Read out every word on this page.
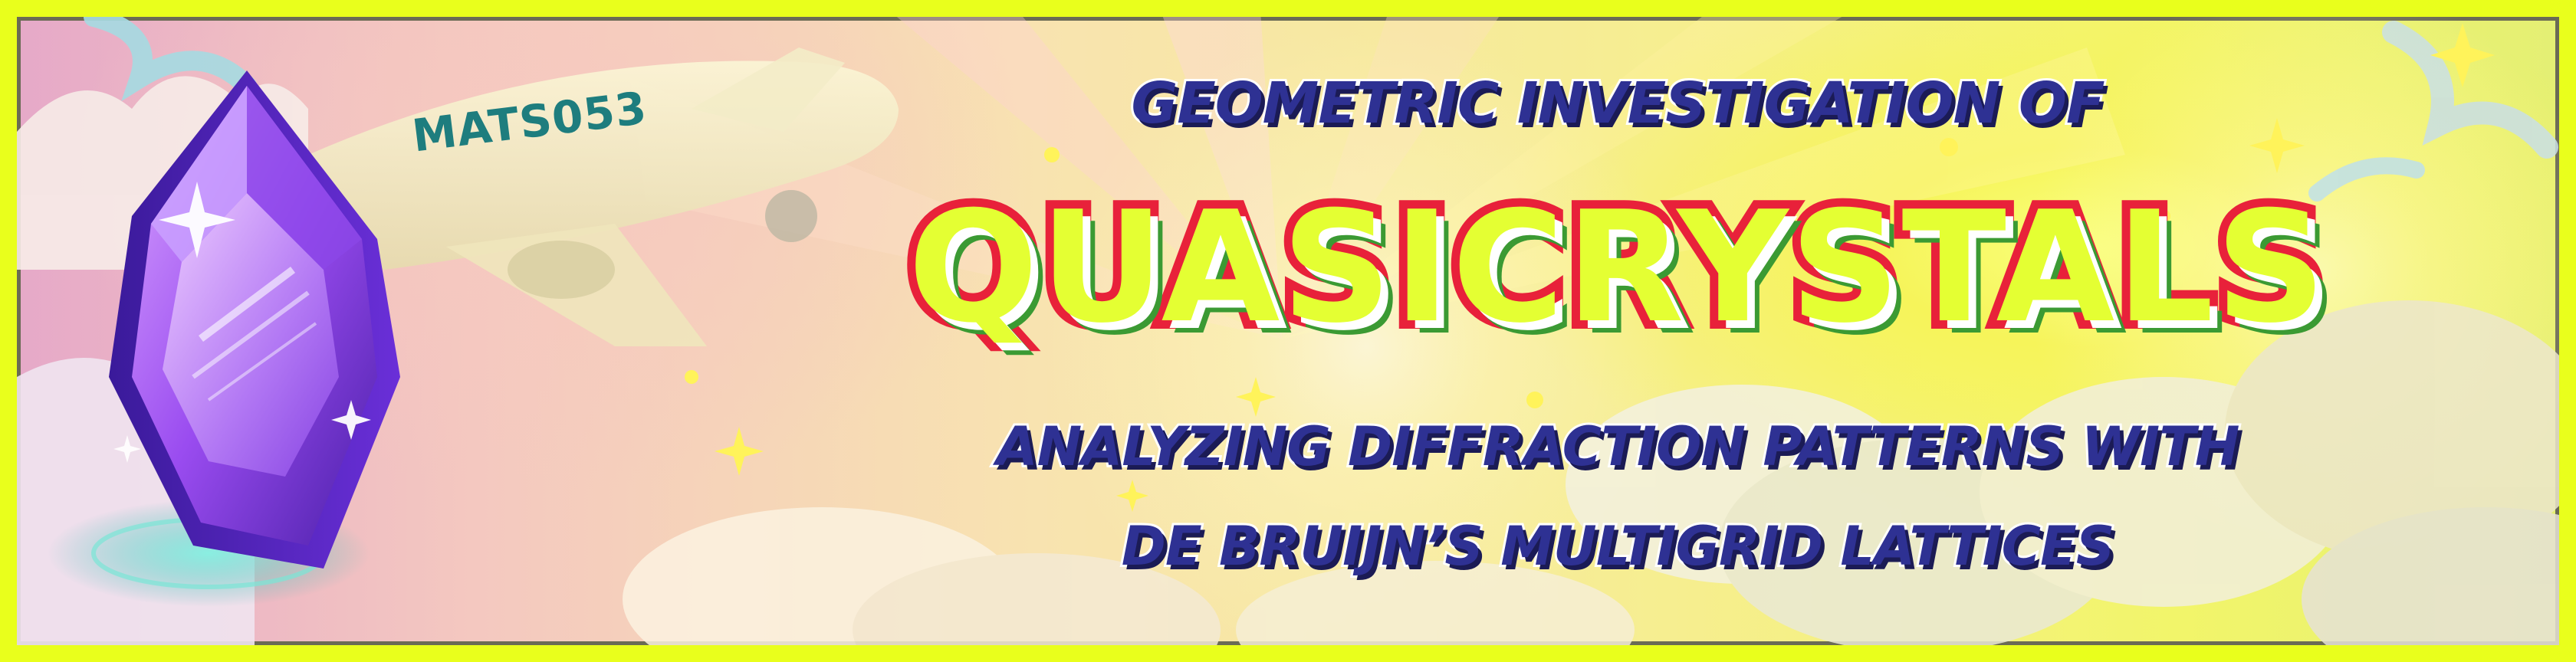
MATS053	GEOMETRIC INVESTIGATION OF
QUASICRYSTALS
ANALYZING DIFFRACTION PATTERNS WITH
DE BRUIJN’S MULTIGRID LATTICES
